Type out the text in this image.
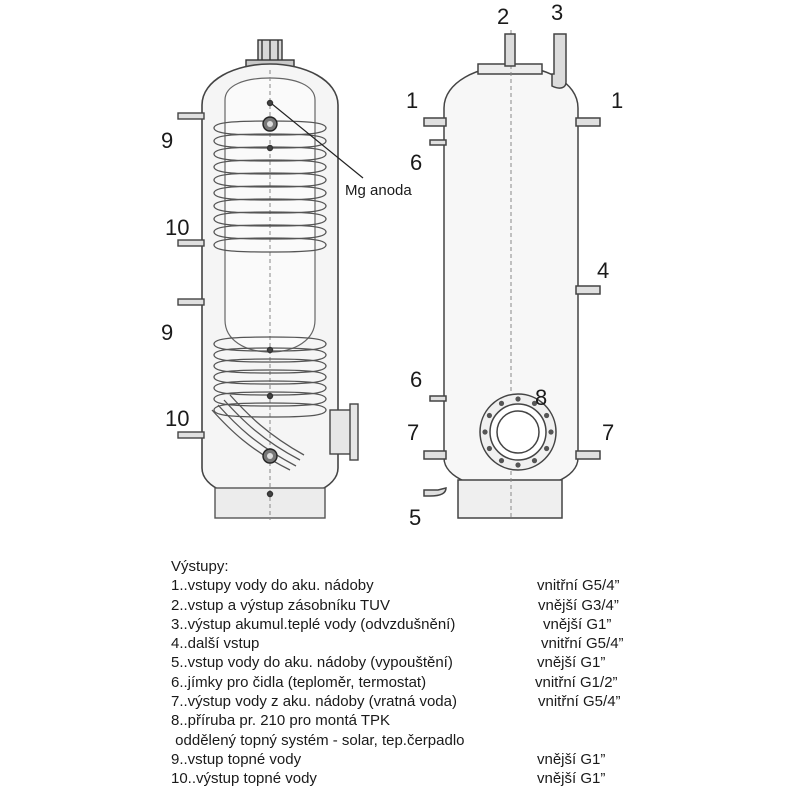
9
10
9
10
Mg anoda
2 3
1	1
6
4
6
8
7	7
5
Výstupy:
1..vstupy vody do aku. nádoby	vnitřní G5/4”
2..vstup a výstup zásobníku TUV	vnější G3/4”
3..výstup akumul.teplé vody (odvzdušnění)	vnější G1”
4..další vstup	vnitřní G5/4”
5..vstup vody do aku. nádoby (vypouštění)	vnější G1”
6..jímky pro čidla (teploměr, termostat)	vnitřní G1/2”
7..výstup vody z aku. nádoby (vratná voda)	vnitřní G5/4”
8..příruba pr. 210 pro montá TPK
oddělený topný systém - solar, tep.čerpadlo
9..vstup topné vody	vnější G1”
10..výstup topné vody	vnější G1”
